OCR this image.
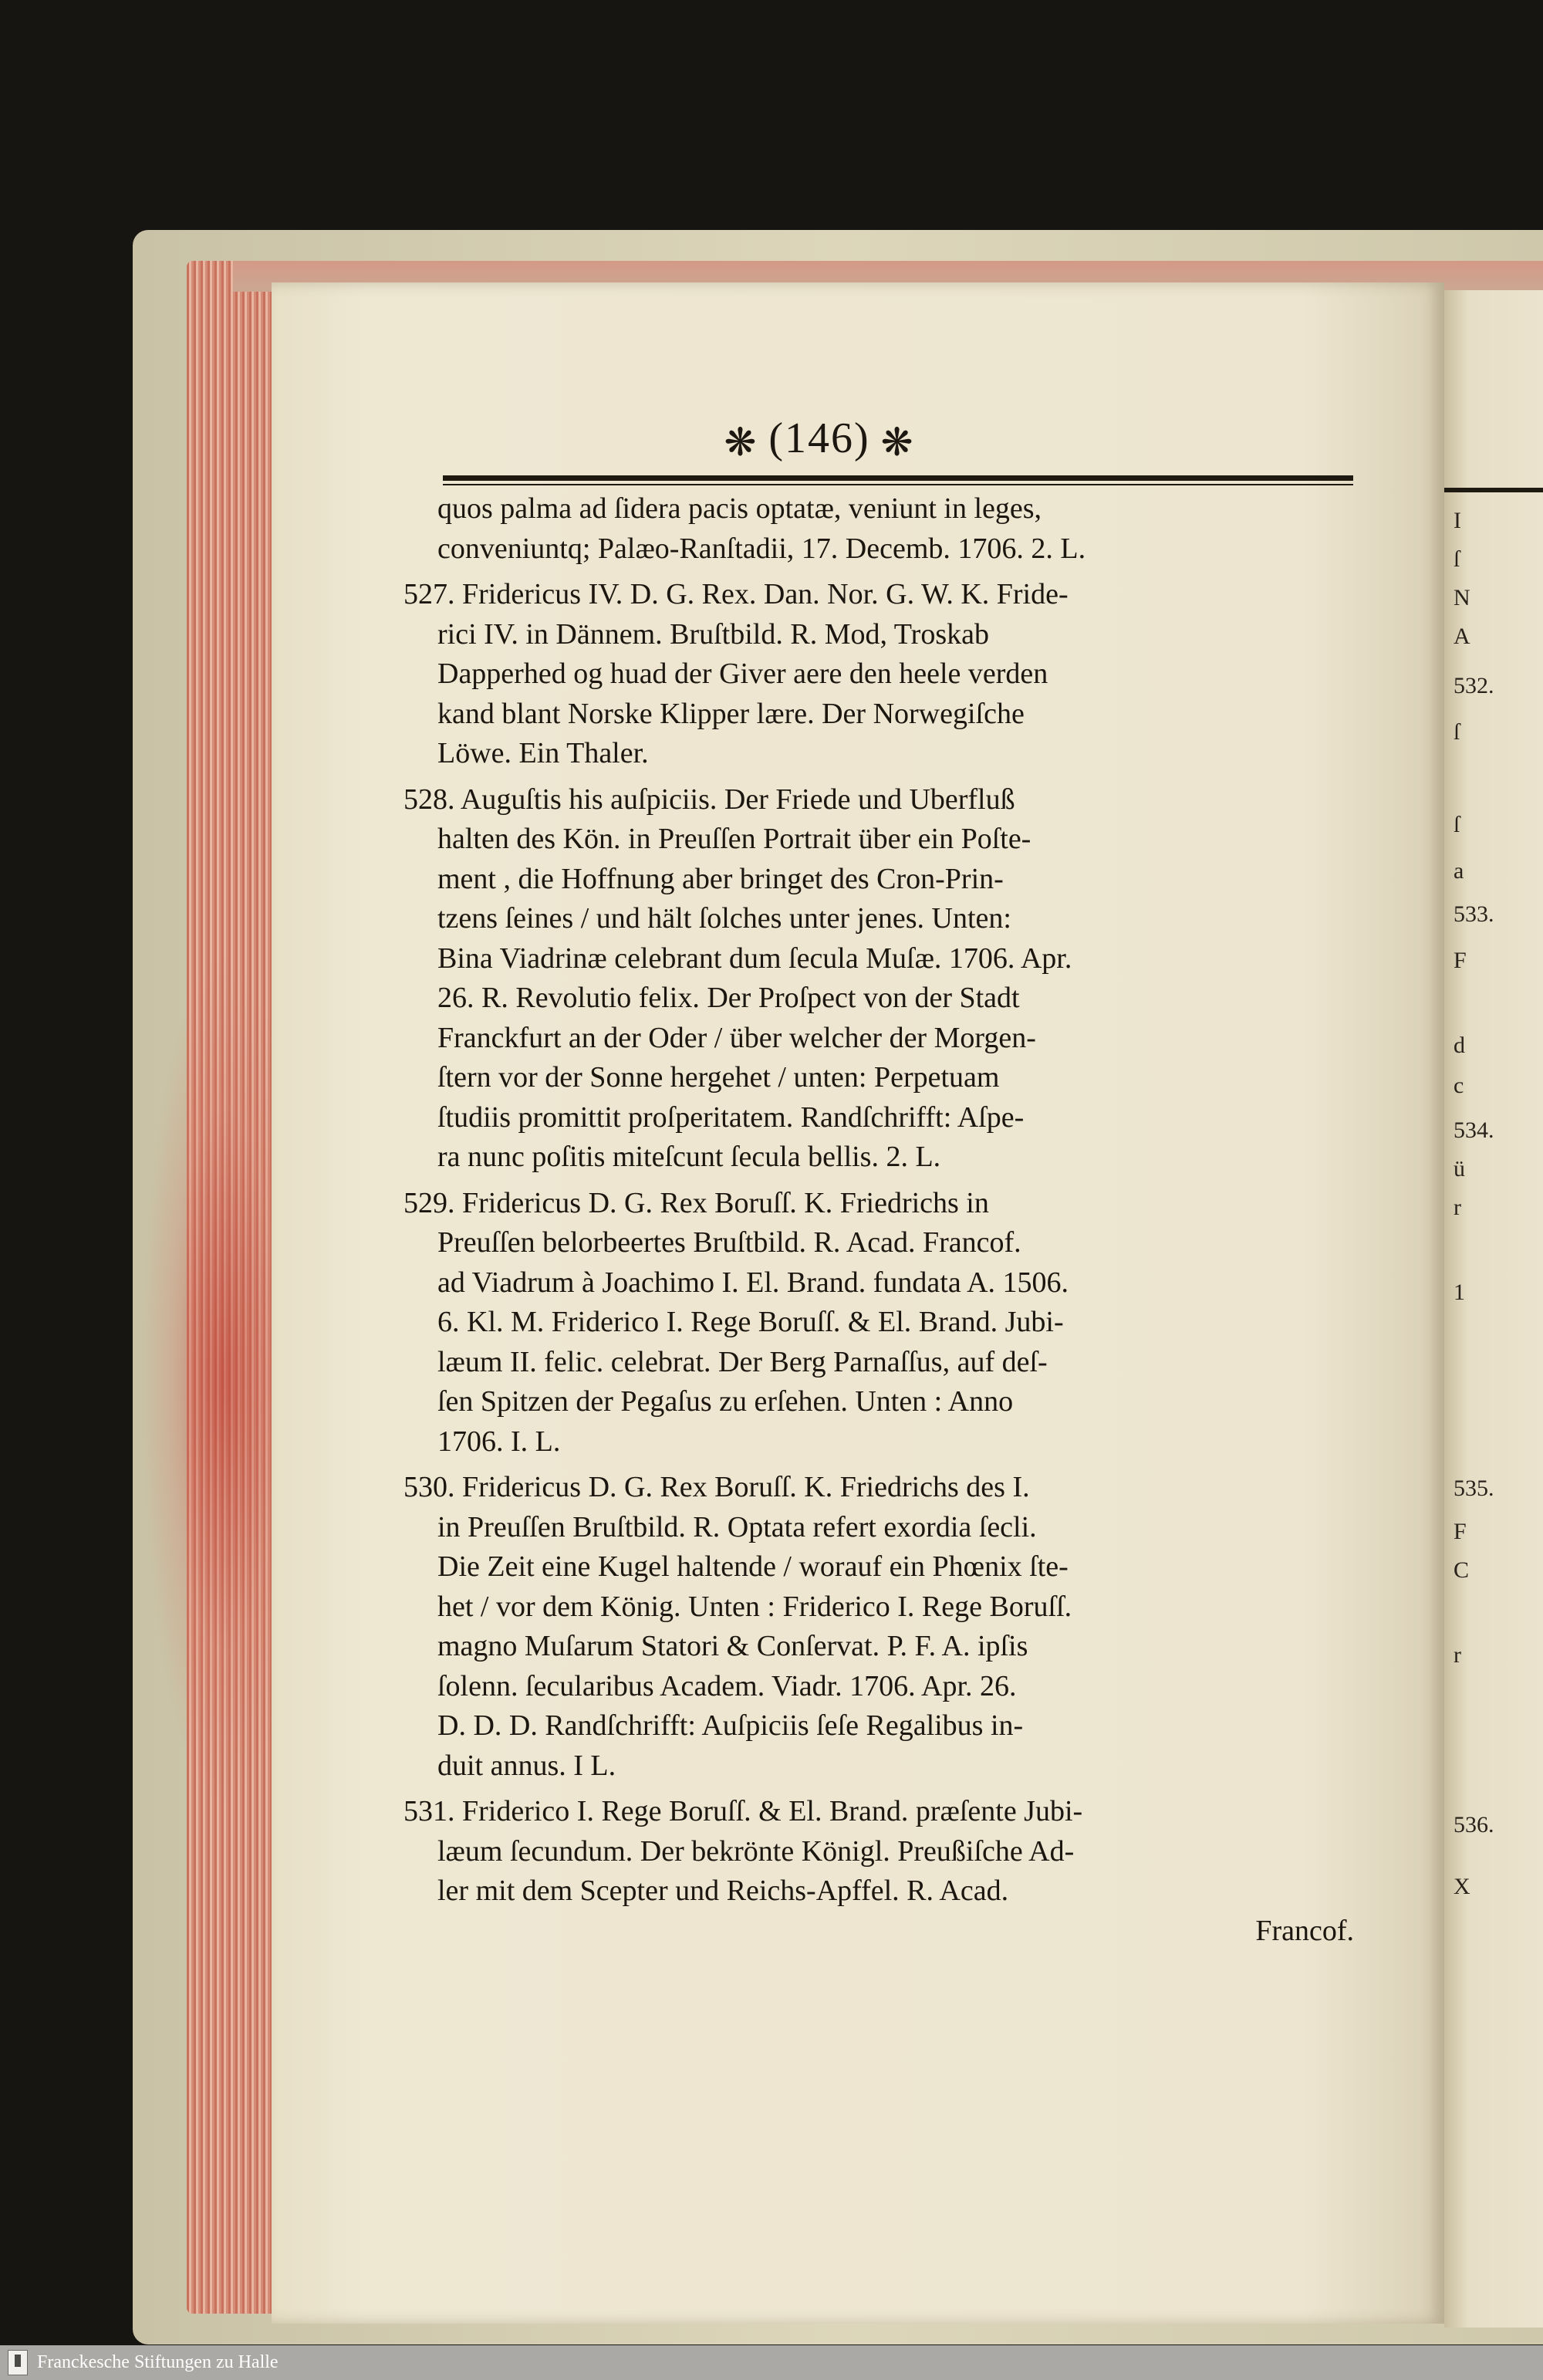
❋ (146) ❋
quos palma ad ſidera pacis optatæ, veniunt in leges,
conveniuntq; Palæo-Ranſtadii, 17. Decemb. 1706. 2. L.
527. Fridericus IV. D. G. Rex. Dan. Nor. G. W. K. Fride-
rici IV. in Dännem. Bruſtbild. R. Mod, Troskab
Dapperhed og huad der Giver aere den heele verden
kand blant Norske Klipper lære. Der Norwegiſche
Löwe. Ein Thaler.
528. Auguſtis his auſpiciis. Der Friede und Uberfluß
halten des Kön. in Preuſſen Portrait über ein Poſte-
ment , die Hoffnung aber bringet des Cron-Prin-
tzens ſeines / und hält ſolches unter jenes. Unten:
Bina Viadrinæ celebrant dum ſecula Muſæ. 1706. Apr.
26. R. Revolutio felix. Der Proſpect von der Stadt
Franckfurt an der Oder / über welcher der Morgen-
ſtern vor der Sonne hergehet / unten: Perpetuam
ſtudiis promittit proſperitatem. Randſchrifft: Aſpe-
ra nunc poſitis miteſcunt ſecula bellis. 2. L.
529. Fridericus D. G. Rex Boruſſ. K. Friedrichs in
Preuſſen belorbeertes Bruſtbild. R. Acad. Francof.
ad Viadrum à Joachimo I. El. Brand. fundata A. 1506.
6. Kl. M. Friderico I. Rege Boruſſ. & El. Brand. Jubi-
læum II. felic. celebrat. Der Berg Parnaſſus, auf deſ-
ſen Spitzen der Pegaſus zu erſehen. Unten : Anno
1706. I. L.
530. Fridericus D. G. Rex Boruſſ. K. Friedrichs des I.
in Preuſſen Bruſtbild. R. Optata refert exordia ſecli.
Die Zeit eine Kugel haltende / worauf ein Phœnix ſte-
het / vor dem König. Unten : Friderico I. Rege Boruſſ.
magno Muſarum Statori & Conſervat. P. F. A. ipſis
ſolenn. ſecularibus Academ. Viadr. 1706. Apr. 26.
D. D. D. Randſchrifft: Auſpiciis ſeſe Regalibus in-
duit annus. I L.
531. Friderico I. Rege Boruſſ. & El. Brand. præſente Jubi-
læum ſecundum. Der bekrönte Königl. Preußiſche Ad-
ler mit dem Scepter und Reichs-Apffel. R. Acad.
Francof.
I
ſ
N
A
532.
ſ
ſ
a
533.
F
d
c
534.
ü
r
1
535.
F
C
r
536.
X
Franckesche Stiftungen zu Halle
